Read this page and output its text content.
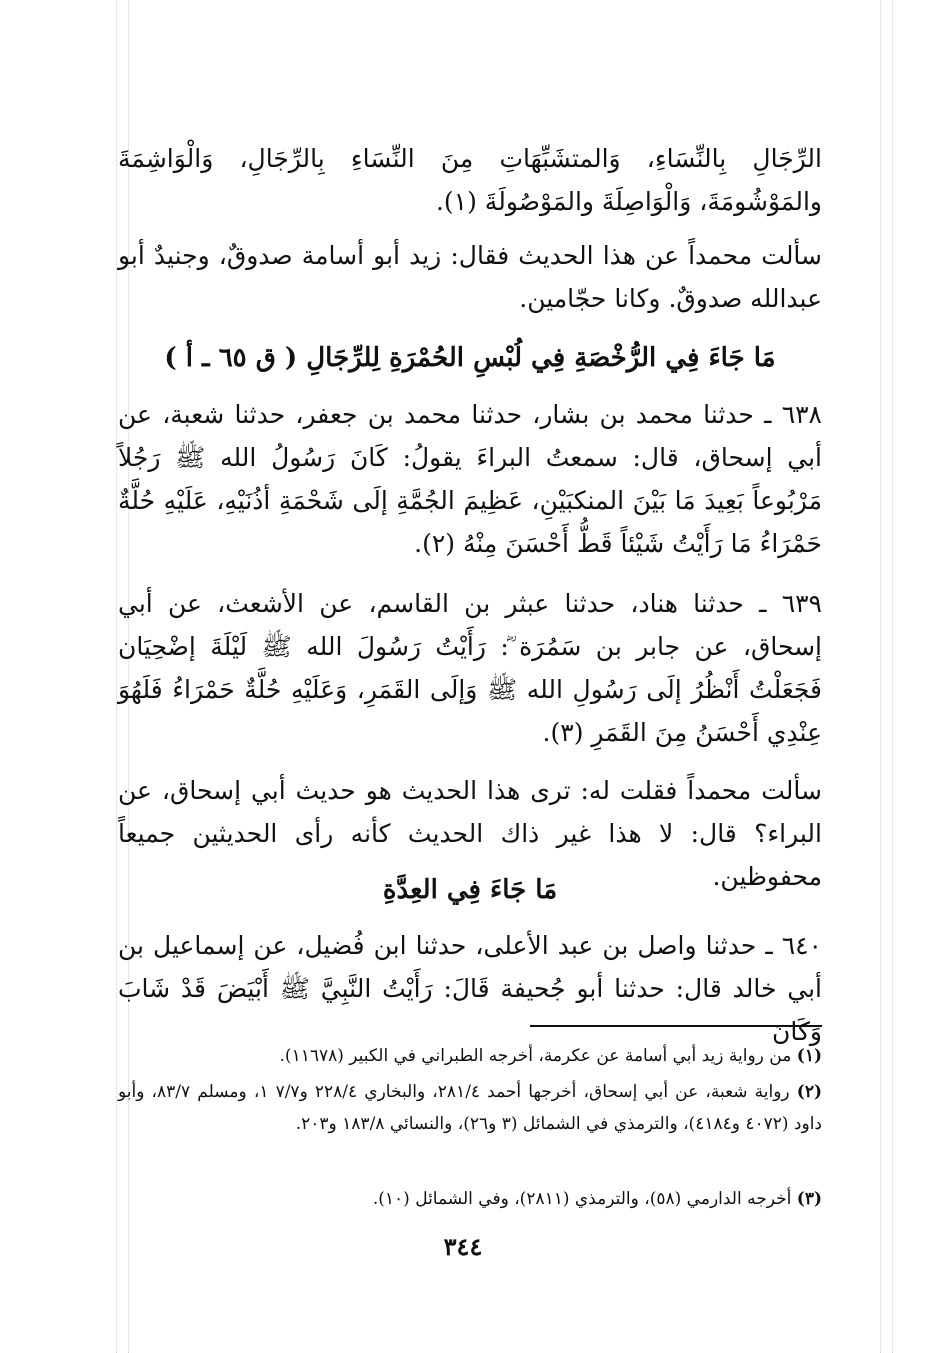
الرِّجَالِ بِالنِّسَاءِ، وَالمتشَبِّهَاتِ مِنَ النِّسَاءِ بِالرِّجَالِ، وَالْوَاشِمَةَ والمَوْشُومَةَ، وَالْوَاصِلَةَ والمَوْصُولَةَ (١).

سألت محمداً عن هذا الحديث فقال: زيد أبو أسامة صدوقٌ، وجنيدٌ أبو عبدالله صدوقٌ. وكانا حجّامين.

مَا جَاءَ فِي الرُّخْصَةِ فِي لُبْسِ الحُمْرَةِ لِلرِّجَالِ ( ق ٦٥ ـ أ )

٦٣٨ ـ حدثنا محمد بن بشار، حدثنا محمد بن جعفر، حدثنا شعبة، عن أبي إسحاق، قال: سمعتُ البراءَ يقولُ: كَانَ رَسُولُ الله ﷺ رَجُلاً مَرْبُوعاً بَعِيدَ مَا بَيْنَ المنكبَيْنِ، عَظِيمَ الجُمَّةِ إلَى شَحْمَةِ أذُنَيْهِ، عَلَيْهِ حُلَّةٌ حَمْرَاءُ مَا رَأَيْتُ شَيْئاً قَطُّ أَحْسَنَ مِنْهُ (٢).

٦٣٩ ـ حدثنا هناد، حدثنا عبثر بن القاسم، عن الأشعث، عن أبي إسحاق، عن جابر بن سَمُرَة ؓ: رَأَيْتُ رَسُولَ الله ﷺ لَيْلَةَ إضْحِيَان فَجَعَلْتُ أَنْظُرُ إلَى رَسُولِ الله ﷺ وَإلَى القَمَرِ، وَعَلَيْهِ حُلَّةٌ حَمْرَاءُ فَلَهُوَ عِنْدِي أَحْسَنُ مِنَ القَمَرِ (٣).

سألت محمداً فقلت له: ترى هذا الحديث هو حديث أبي إسحاق، عن البراء؟ قال: لا هذا غير ذاك الحديث كأنه رأى الحديثين جميعاً محفوظين.

مَا جَاءَ فِي العِدَّةِ

٦٤٠ ـ حدثنا واصل بن عبد الأعلى، حدثنا ابن فُضيل، عن إسماعيل بن أبي خالد قال: حدثنا أبو جُحيفة قَالَ: رَأَيْتُ النَّبِيَّ ﷺ أَبْيَضَ قَدْ شَابَ وَكَانَ

(١) من رواية زيد أبي أسامة عن عكرمة، أخرجه الطبراني في الكبير (١١٦٧٨).
(٢) رواية شعبة، عن أبي إسحاق، أخرجها أحمد ٢٨١/٤، والبخاري ٢٢٨/٤ و٧/٧ ١، ومسلم ٨٣/٧، وأبو داود (٤٠٧٢ و٤١٨٤)، والترمذي في الشمائل (٣ و٢٦)، والنسائي ١٨٣/٨ و٢٠٣.
(٣) أخرجه الدارمي (٥٨)، والترمذي (٢٨١١)، وفي الشمائل (١٠).
٣٤٤
